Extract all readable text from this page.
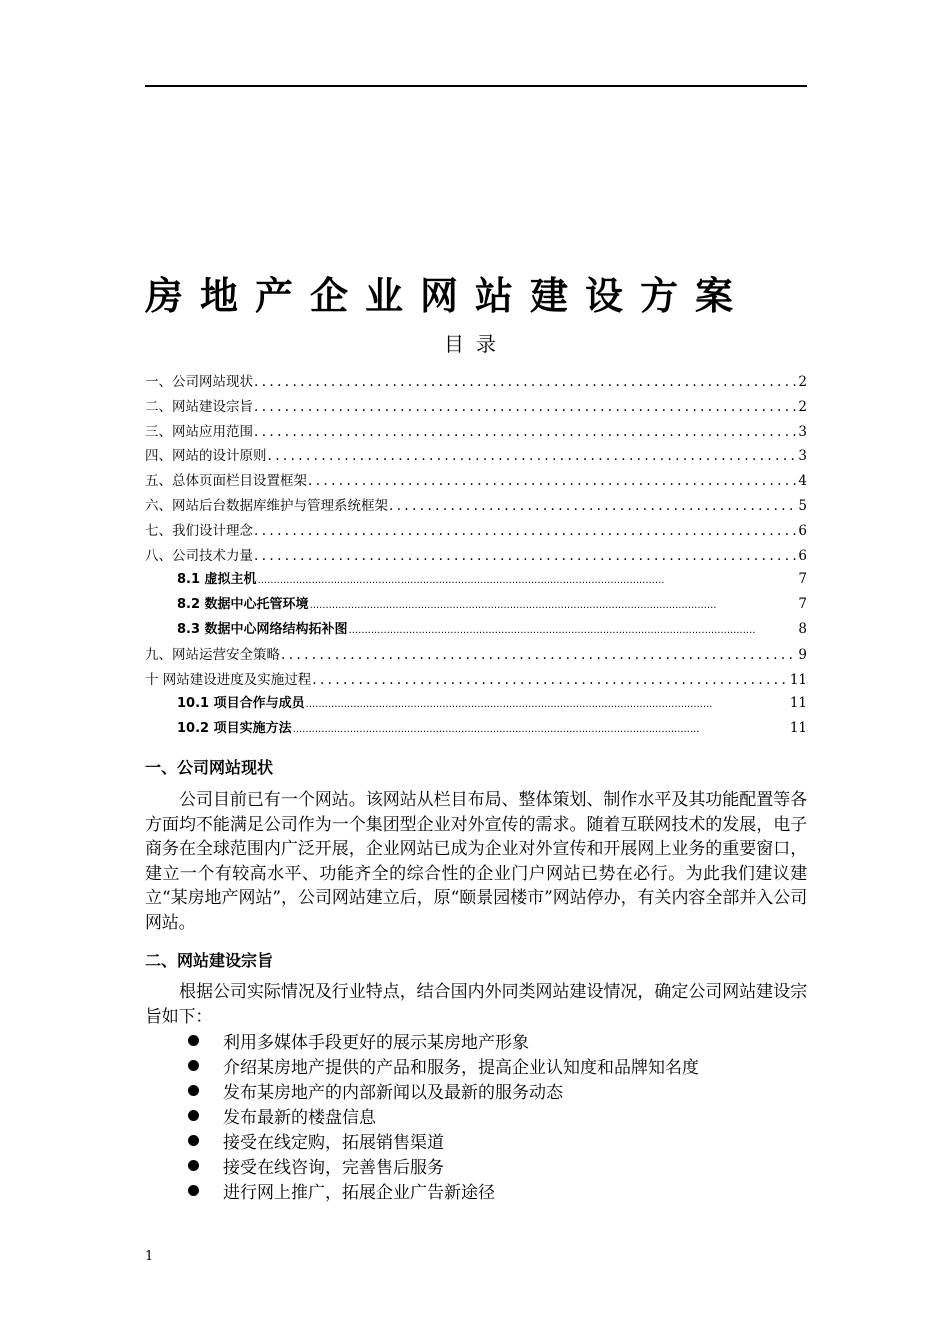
房地产企业网站建设方案
目录
一、公司网站现状 .....	2
二、网站建设宗旨 .....	2
三、网站应用范围 .....	3
四、网站的设计原则 .....	3
五、总体页面栏目设置框架 .....	4
六、网站后台数据库维护与管理系统框架 .....	5
七、我们设计理念 .....	6
八、公司技术力量 .....	6
8.1 虚拟主机 .....	7
8.2 数据中心托管环境 .....	7
8.3 数据中心网络结构拓补图 .....	8
九、网站运营安全策略 .....	9
十 网站建设进度及实施过程 .....	11
10.1 项目合作与成员 .....	11
10.2 项目实施方法 .....	11
一、公司网站现状
公司目前已有一个网站。该网站从栏目布局、整体策划、制作水平及其功能配置等各方面均不能满足公司作为一个集团型企业对外宣传的需求。随着互联网技术的发展，电子商务在全球范围内广泛开展，企业网站已成为企业对外宣传和开展网上业务的重要窗口，建立一个有较高水平、功能齐全的综合性的企业门户网站已势在必行。为此我们建议建立“某房地产网站”，公司网站建立后，原“颐景园楼市”网站停办，有关内容全部并入公司网站。
二、网站建设宗旨
根据公司实际情况及行业特点，结合国内外同类网站建设情况，确定公司网站建设宗旨如下：
利用多媒体手段更好的展示某房地产形象
介绍某房地产提供的产品和服务，提高企业认知度和品牌知名度
发布某房地产的内部新闻以及最新的服务动态
发布最新的楼盘信息
接受在线定购，拓展销售渠道
接受在线咨询，完善售后服务
进行网上推广，拓展企业广告新途径
1
